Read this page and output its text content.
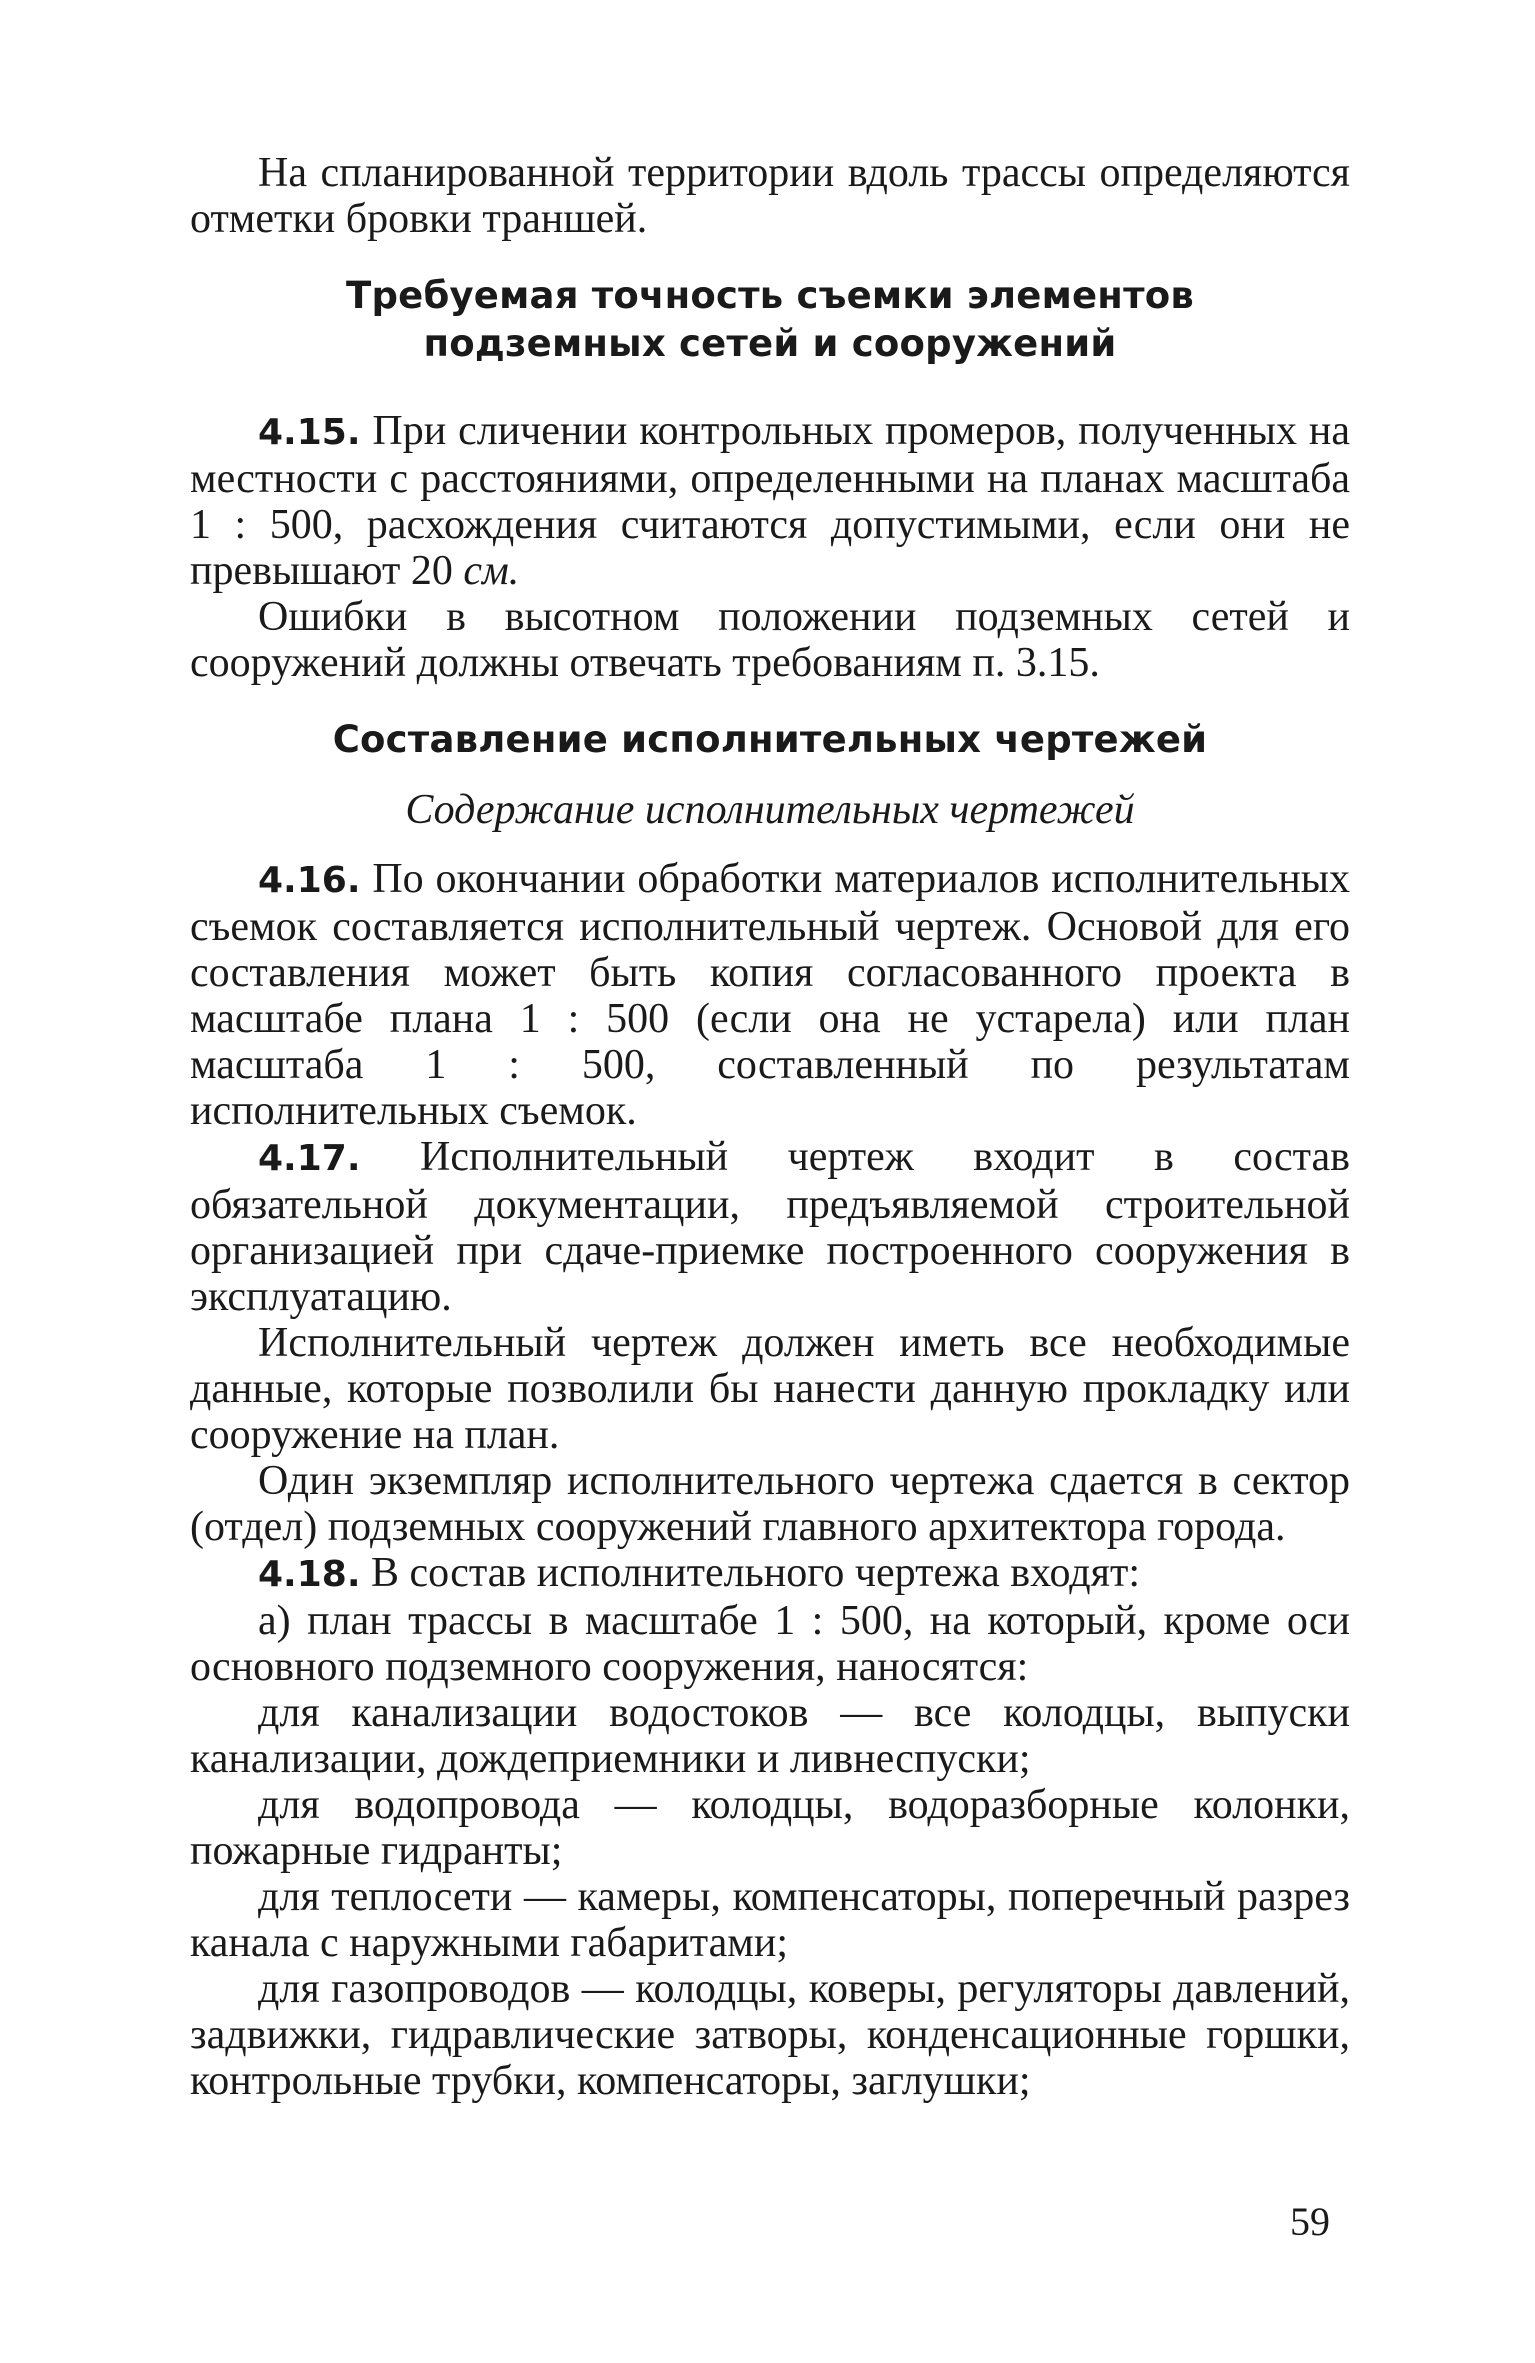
На спланированной территории вдоль трассы определяются отметки бровки траншей.

Требуемая точность съемки элементов

подземных сетей и сооружений

4.15. При сличении контрольных промеров, полученных на местности с расстояниями, определенными на планах масштаба 1 : 500, расхождения считаются допустимыми, если они не превышают 20 см.

Ошибки в высотном положении подземных сетей и сооружений должны отвечать требованиям п. 3.15.

Составление исполнительных чертежей

Содержание исполнительных чертежей

4.16. По окончании обработки материалов исполнительных съемок составляется исполнительный чертеж. Основой для его составления может быть копия согласованного проекта в масштабе плана 1 : 500 (если она не устарела) или план масштаба 1 : 500, составленный по результатам исполнительных съемок.

4.17. Исполнительный чертеж входит в состав обязательной документации, предъявляемой строительной организацией при сдаче-приемке построенного сооружения в эксплуатацию.

Исполнительный чертеж должен иметь все необходимые данные, которые позволили бы нанести данную прокладку или сооружение на план.

Один экземпляр исполнительного чертежа сдается в сектор (отдел) подземных сооружений главного архитектора города.

4.18. В состав исполнительного чертежа входят:

а) план трассы в масштабе 1 : 500, на который, кроме оси основного подземного сооружения, наносятся:

для канализации водостоков — все колодцы, выпуски канализации, дождеприемники и ливнеспуски;

для водопровода — колодцы, водоразборные колонки, пожарные гидранты;

для теплосети — камеры, компенсаторы, поперечный разрез канала с наружными габаритами;

для газопроводов — колодцы, коверы, регуляторы давлений, задвижки, гидравлические затворы, конденсационные горшки, контрольные трубки, компенсаторы, заглушки;

59
